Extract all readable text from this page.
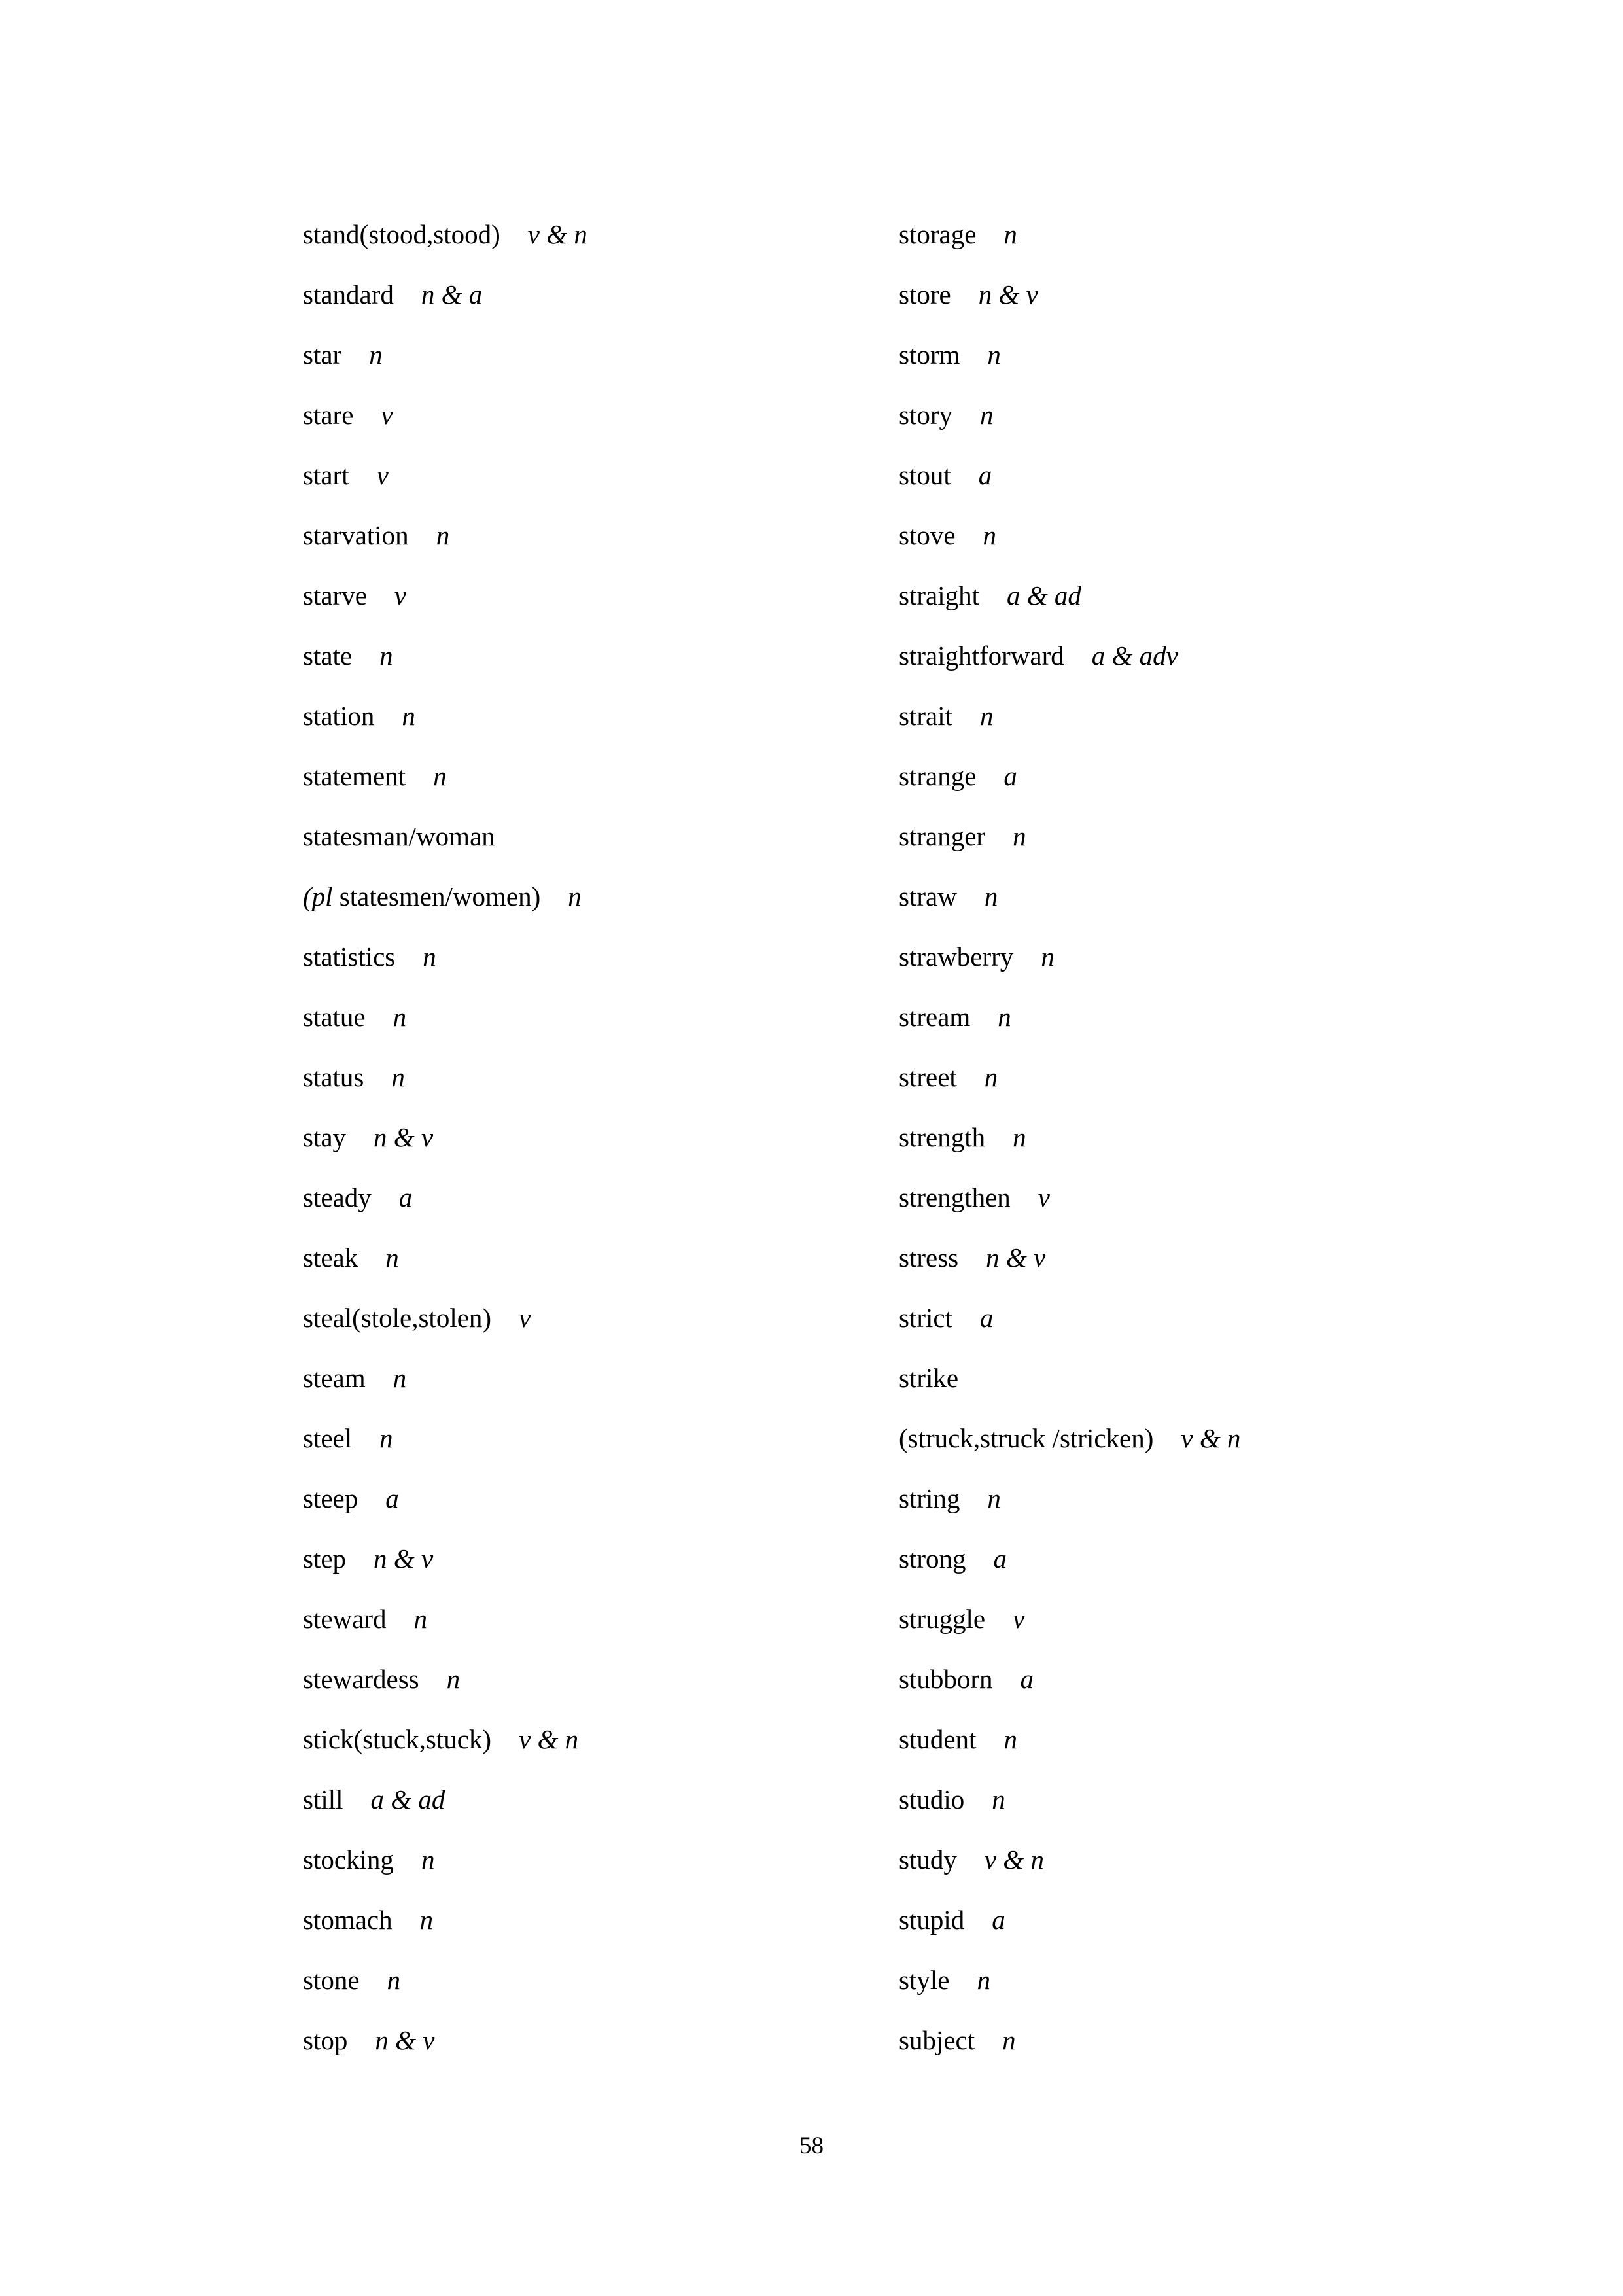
stand(stood,stood) v & n
standard n & a
star n
stare v
start v
starvation n
starve v
state n
station n
statement n
statesman/woman
(pl statesmen/women) n
statistics n
statue n
status n
stay n & v
steady a
steak n
steal(stole,stolen) v
steam n
steel n
steep a
step n & v
steward n
stewardess n
stick(stuck,stuck) v & n
still a & ad
stocking n
stomach n
stone n
stop n & v
storage n
store n & v
storm n
story n
stout a
stove n
straight a & ad
straightforward a & adv
strait n
strange a
stranger n
straw n
strawberry n
stream n
street n
strength n
strengthen v
stress n & v
strict a
strike
(struck,struck /stricken) v & n
string n
strong a
struggle v
stubborn a
student n
studio n
study v & n
stupid a
style n
subject n
58
